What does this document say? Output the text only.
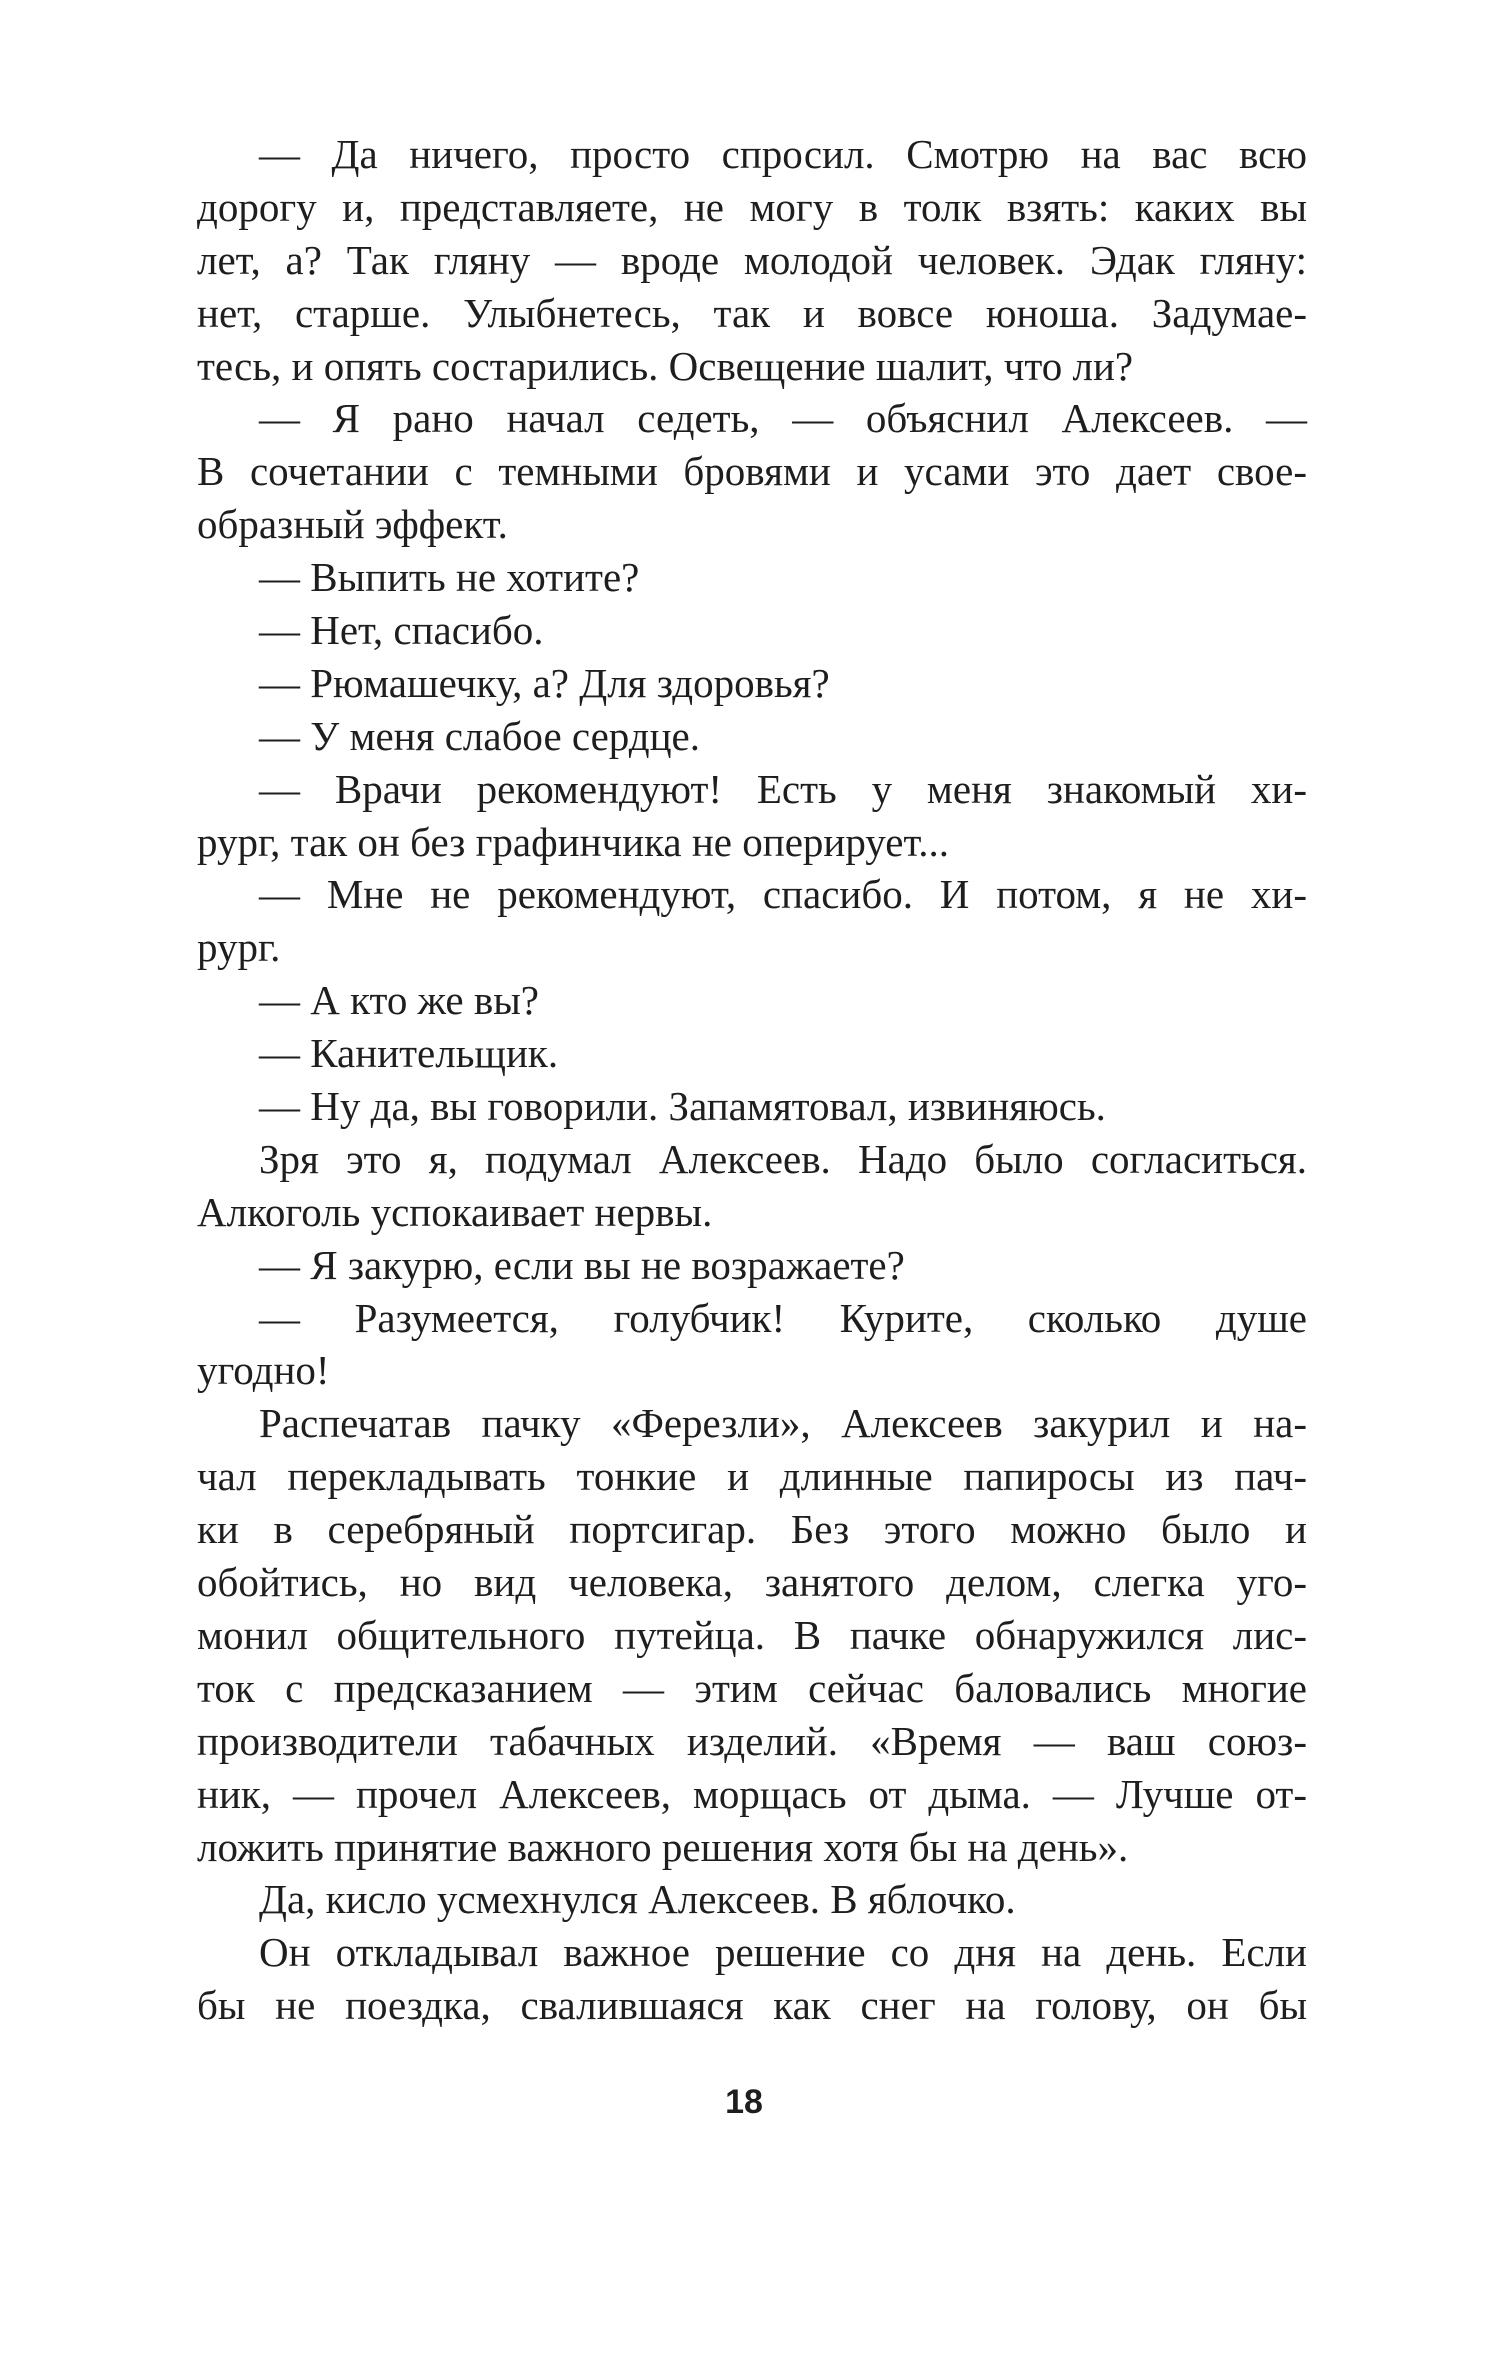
— Да ничего, просто спросил. Смотрю на вас всю
дорогу и, представляете, не могу в толк взять: каких вы
лет, а? Так гляну — вроде молодой человек. Эдак гляну:
нет, старше. Улыбнетесь, так и вовсе юноша. Задумае-
тесь, и опять состарились. Освещение шалит, что ли?
— Я рано начал седеть, — объяснил Алексеев. —
В сочетании с темными бровями и усами это дает свое-
образный эффект.
— Выпить не хотите?
— Нет, спасибо.
— Рюмашечку, а? Для здоровья?
— У меня слабое сердце.
— Врачи рекомендуют! Есть у меня знакомый хи-
рург, так он без графинчика не оперирует...
— Мне не рекомендуют, спасибо. И потом, я не хи-
рург.
— А кто же вы?
— Канительщик.
— Ну да, вы говорили. Запамятовал, извиняюсь.
Зря это я, подумал Алексеев. Надо было согласиться.
Алкоголь успокаивает нервы.
— Я закурю, если вы не возражаете?
— Разумеется, голубчик! Курите, сколько душе
угодно!
Распечатав пачку «Ферезли», Алексеев закурил и на-
чал перекладывать тонкие и длинные папиросы из пач-
ки в серебряный портсигар. Без этого можно было и
обойтись, но вид человека, занятого делом, слегка уго-
монил общительного путейца. В пачке обнаружился лис-
ток с предсказанием — этим сейчас баловались многие
производители табачных изделий. «Время — ваш союз-
ник, — прочел Алексеев, морщась от дыма. — Лучше от-
ложить принятие важного решения хотя бы на день».
Да, кисло усмехнулся Алексеев. В яблочко.
Он откладывал важное решение со дня на день. Если
бы не поездка, свалившаяся как снег на голову, он бы
18
